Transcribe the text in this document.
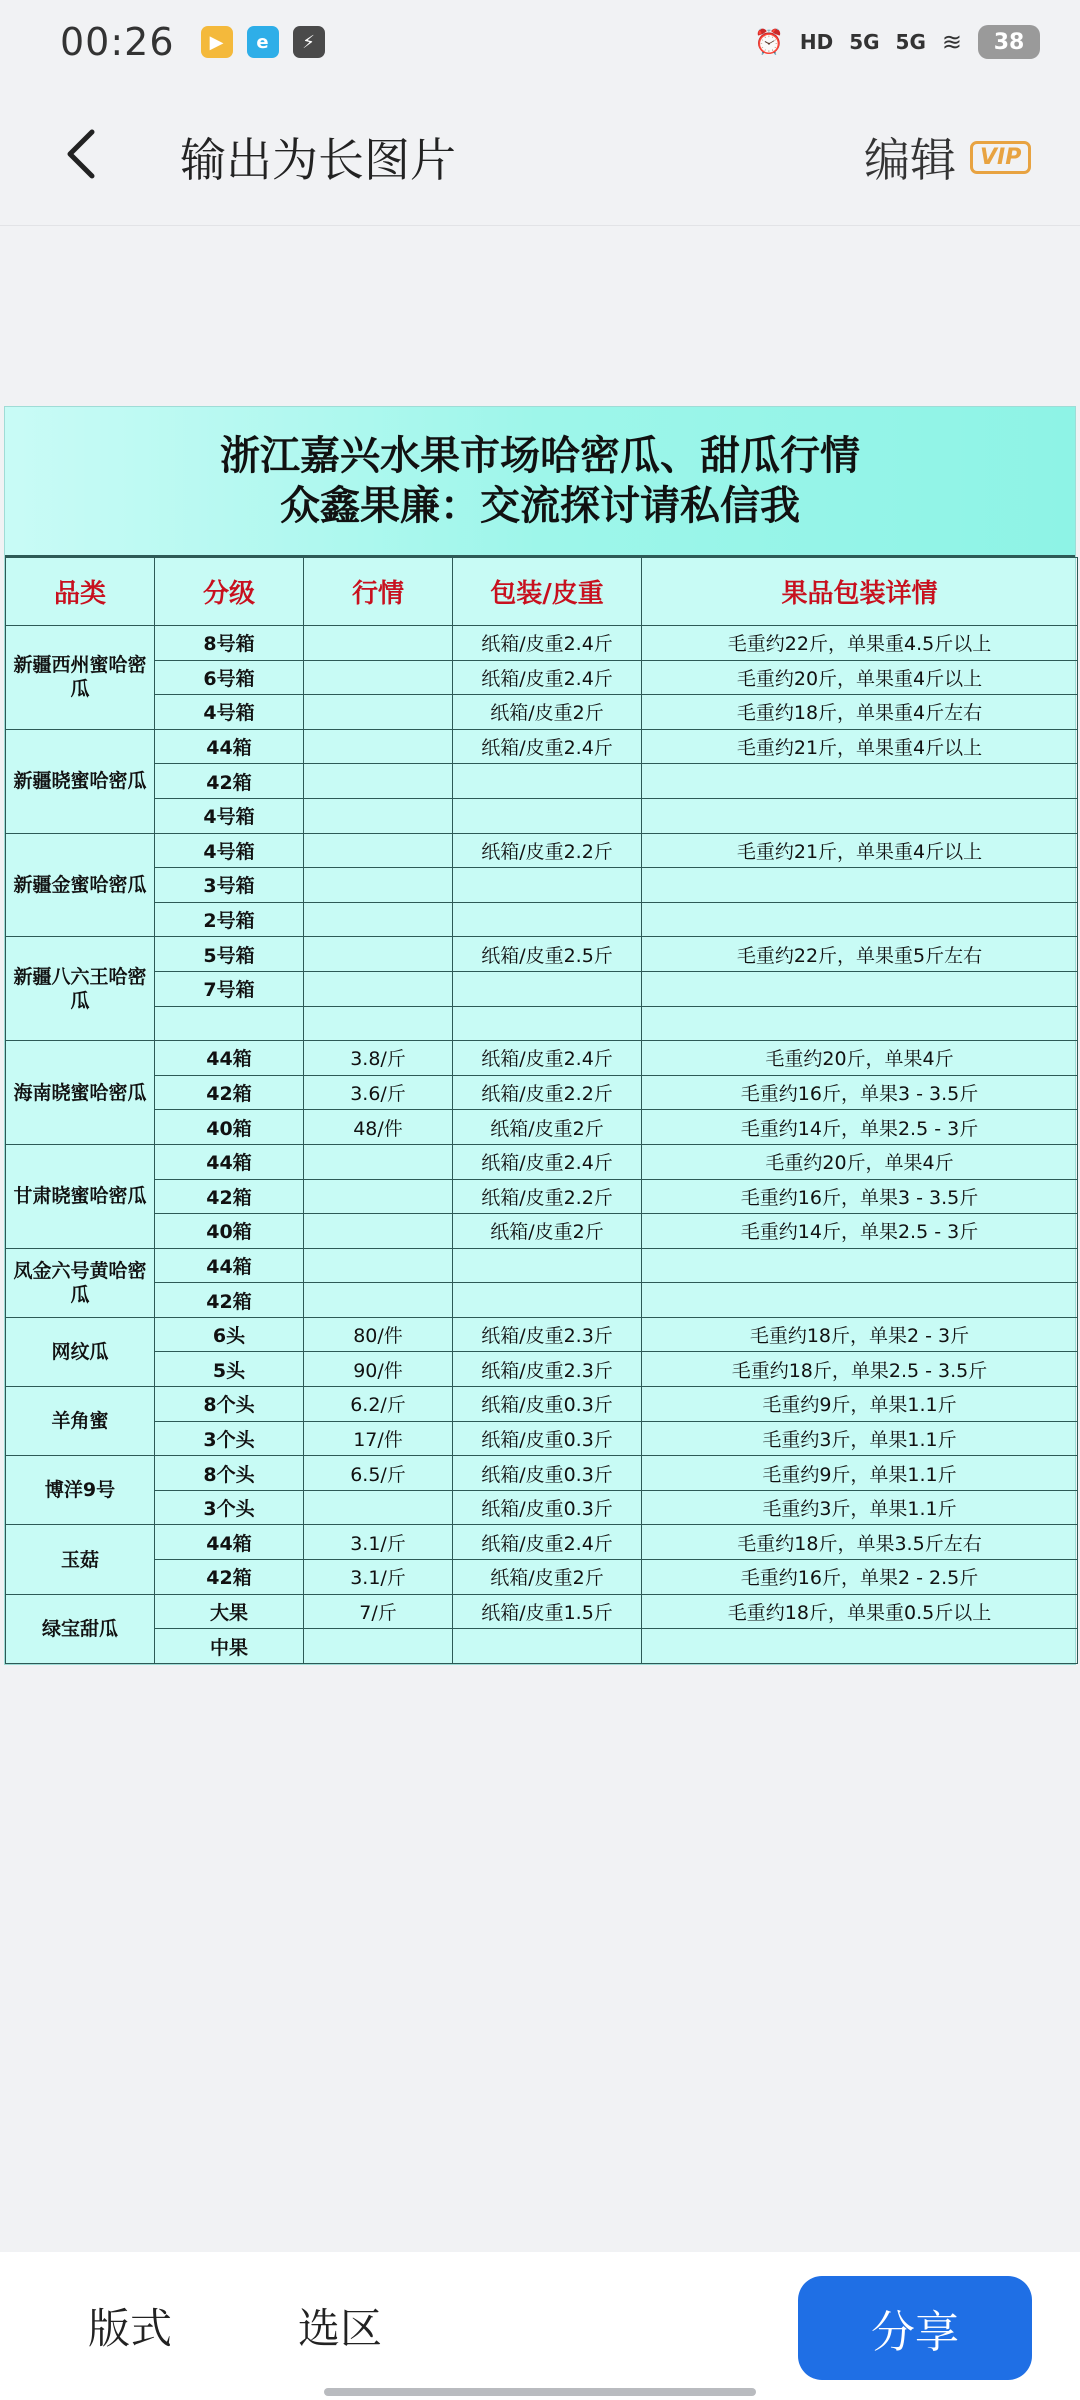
00:26	▶	e	⚡	⏰ HD 5G 5G ≋	38
输出为长图片	编辑	VIP
浙江嘉兴水果市场哈密瓜、甜瓜行情
众鑫果廉：交流探讨请私信我
品类	分级	行情	包装/皮重	果品包装详情
新疆西州蜜哈密瓜	8号箱		纸箱/皮重2.4斤	毛重约22斤，单果重4.5斤以上
	6号箱		纸箱/皮重2.4斤	毛重约20斤，单果重4斤以上
	4号箱		纸箱/皮重2斤	毛重约18斤，单果重4斤左右
新疆晓蜜哈密瓜	44箱		纸箱/皮重2.4斤	毛重约21斤，单果重4斤以上
	42箱			
	4号箱			
新疆金蜜哈密瓜	4号箱		纸箱/皮重2.2斤	毛重约21斤，单果重4斤以上
	3号箱			
	2号箱			
新疆八六王哈密瓜	5号箱		纸箱/皮重2.5斤	毛重约22斤，单果重5斤左右
	7号箱			

海南晓蜜哈密瓜	44箱	3.8/斤	纸箱/皮重2.4斤	毛重约20斤，单果4斤
	42箱	3.6/斤	纸箱/皮重2.2斤	毛重约16斤，单果3 - 3.5斤
	40箱	48/件	纸箱/皮重2斤	毛重约14斤，单果2.5 - 3斤
甘肃晓蜜哈密瓜	44箱		纸箱/皮重2.4斤	毛重约20斤，单果4斤
	42箱		纸箱/皮重2.2斤	毛重约16斤，单果3 - 3.5斤
	40箱		纸箱/皮重2斤	毛重约14斤，单果2.5 - 3斤
凤金六号黄哈密瓜	44箱			
	42箱			
网纹瓜	6头	80/件	纸箱/皮重2.3斤	毛重约18斤，单果2 - 3斤
	5头	90/件	纸箱/皮重2.3斤	毛重约18斤，单果2.5 - 3.5斤
羊角蜜	8个头	6.2/斤	纸箱/皮重0.3斤	毛重约9斤，单果1.1斤
	3个头	17/件	纸箱/皮重0.3斤	毛重约3斤，单果1.1斤
博洋9号	8个头	6.5/斤	纸箱/皮重0.3斤	毛重约9斤，单果1.1斤
	3个头		纸箱/皮重0.3斤	毛重约3斤，单果1.1斤
玉菇	44箱	3.1/斤	纸箱/皮重2.4斤	毛重约18斤，单果3.5斤左右
	42箱	3.1/斤	纸箱/皮重2斤	毛重约16斤，单果2 - 2.5斤
绿宝甜瓜	大果	7/斤	纸箱/皮重1.5斤	毛重约18斤，单果重0.5斤以上
	中果			
版式	选区	分享
